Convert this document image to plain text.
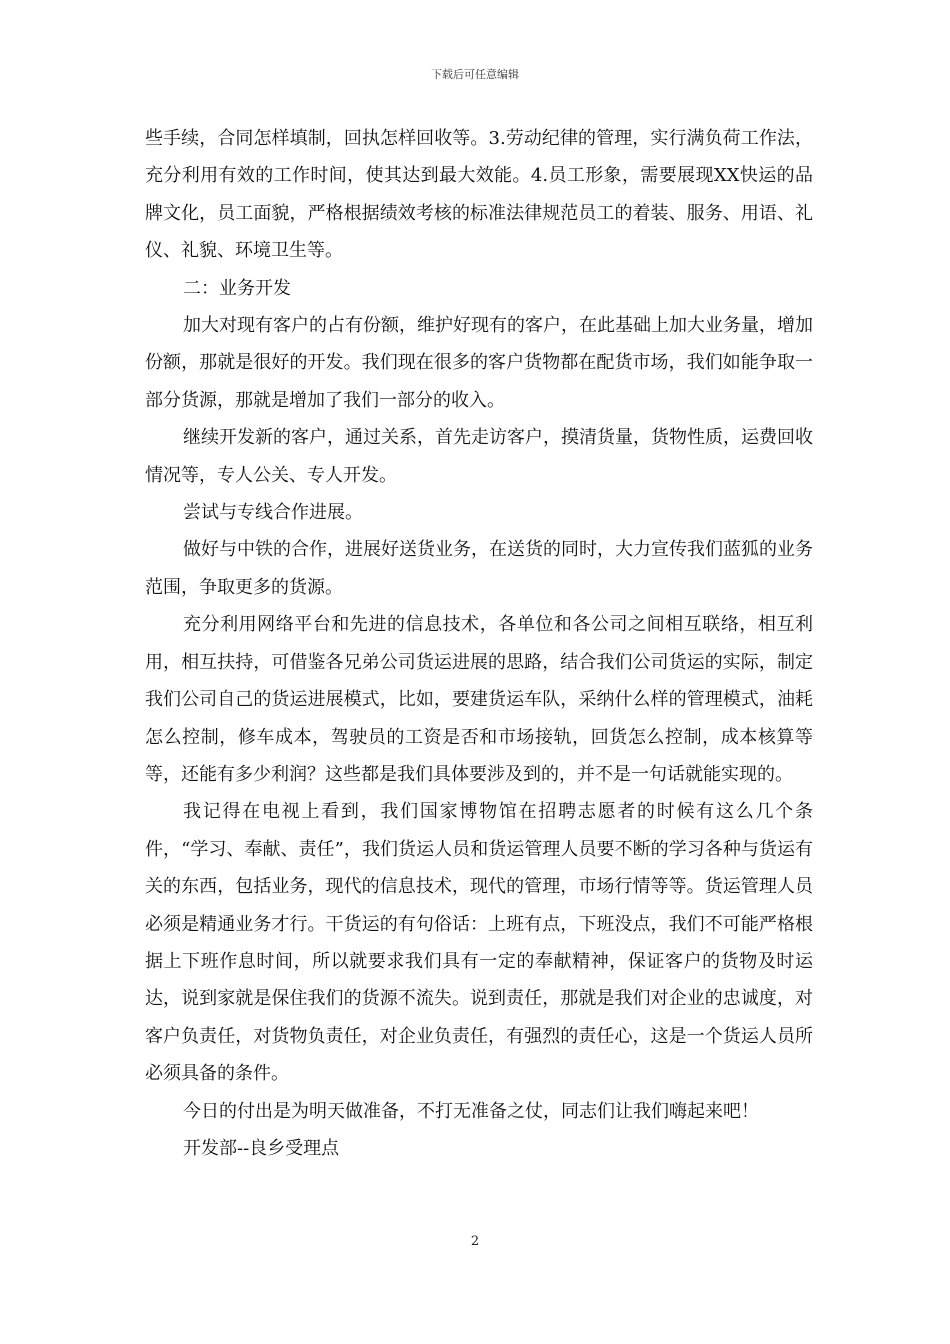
下载后可任意编辑

些手续，合同怎样填制，回执怎样回收等。3.劳动纪律的管理，实行满负荷工作法，充分利用有效的工作时间，使其达到最大效能。4.员工形象，需要展现XX快运的品牌文化，员工面貌，严格根据绩效考核的标准法律规范员工的着装、服务、用语、礼仪、礼貌、环境卫生等。

二：业务开发

加大对现有客户的占有份额，维护好现有的客户，在此基础上加大业务量，增加份额，那就是很好的开发。我们现在很多的客户货物都在配货市场，我们如能争取一部分货源，那就是增加了我们一部分的收入。

继续开发新的客户，通过关系，首先走访客户，摸清货量，货物性质，运费回收情况等，专人公关、专人开发。

尝试与专线合作进展。

做好与中铁的合作，进展好送货业务，在送货的同时，大力宣传我们蓝狐的业务范围，争取更多的货源。

充分利用网络平台和先进的信息技术，各单位和各公司之间相互联络，相互利用，相互扶持，可借鉴各兄弟公司货运进展的思路，结合我们公司货运的实际，制定我们公司自己的货运进展模式，比如，要建货运车队，采纳什么样的管理模式，油耗怎么控制，修车成本，驾驶员的工资是否和市场接轨，回货怎么控制，成本核算等等，还能有多少利润？这些都是我们具体要涉及到的，并不是一句话就能实现的。

我记得在电视上看到，我们国家博物馆在招聘志愿者的时候有这么几个条件，“学习、奉献、责任”，我们货运人员和货运管理人员要不断的学习各种与货运有关的东西，包括业务，现代的信息技术，现代的管理，市场行情等等。货运管理人员必须是精通业务才行。干货运的有句俗话：上班有点，下班没点，我们不可能严格根据上下班作息时间，所以就要求我们具有一定的奉献精神，保证客户的货物及时运达，说到家就是保住我们的货源不流失。说到责任，那就是我们对企业的忠诚度，对客户负责任，对货物负责任，对企业负责任，有强烈的责任心，这是一个货运人员所必须具备的条件。

今日的付出是为明天做准备，不打无准备之仗，同志们让我们嗨起来吧！

开发部--良乡受理点

2
